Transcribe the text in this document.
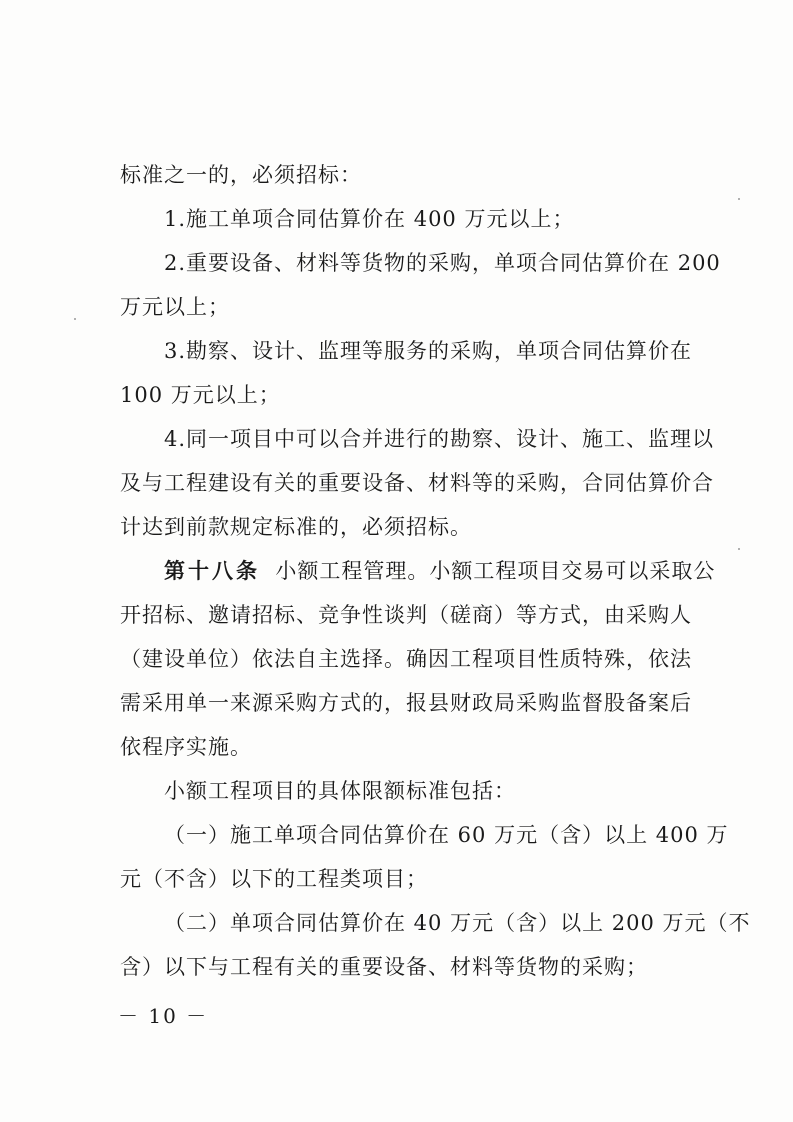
标准之一的，必须招标：
1.施工单项合同估算价在 400 万元以上；
2.重要设备、材料等货物的采购，单项合同估算价在 200
万元以上；
3.勘察、设计、监理等服务的采购，单项合同估算价在
100 万元以上；
4.同一项目中可以合并进行的勘察、设计、施工、监理以
及与工程建设有关的重要设备、材料等的采购，合同估算价合
计达到前款规定标准的，必须招标。
第十八条  小额工程管理。小额工程项目交易可以采取公
开招标、邀请招标、竞争性谈判（磋商）等方式，由采购人
（建设单位）依法自主选择。确因工程项目性质特殊，依法
需采用单一来源采购方式的，报县财政局采购监督股备案后
依程序实施。
小额工程项目的具体限额标准包括：
（一）施工单项合同估算价在 60 万元（含）以上 400 万
元（不含）以下的工程类项目；
（二）单项合同估算价在 40 万元（含）以上 200 万元（不
含）以下与工程有关的重要设备、材料等货物的采购；
－ 10 －
